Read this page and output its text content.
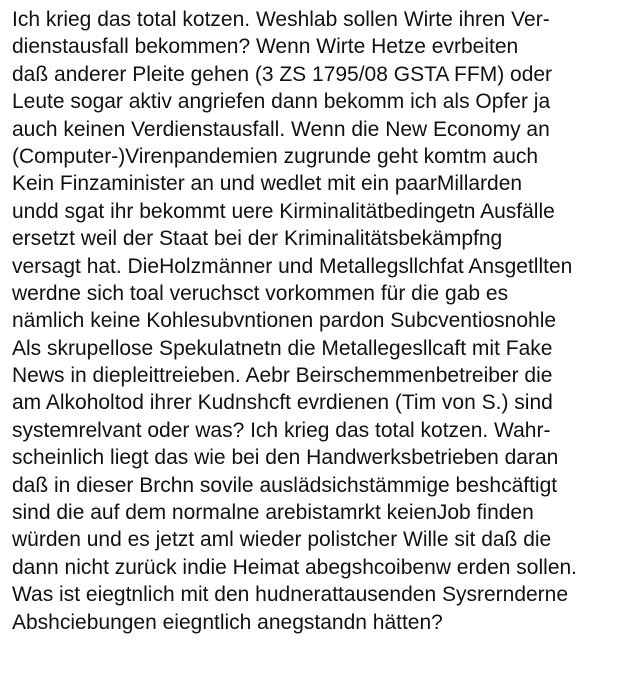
Ich krieg das total kotzen. Weshlab sollen Wirte ihren Ver-
dienstausfall bekommen? Wenn Wirte Hetze evrbeiten
daß anderer Pleite gehen (3 ZS 1795/08 GSTA FFM) oder
Leute sogar aktiv angriefen dann bekomm ich als Opfer ja
auch keinen Verdienstausfall. Wenn die New Economy an
(Computer-)Virenpandemien zugrunde geht komtm auch
Kein Finzaminister an und wedlet mit ein paarMillarden
undd sgat ihr bekommt uere Kirminalitätbedingetn Ausfälle
ersetzt weil der Staat bei der Kriminalitätsbekämpfng
versagt hat. DieHolzmänner und Metallegsllchfat Ansgetllten
werdne sich toal veruchsct vorkommen für die gab es
nämlich keine Kohlesubvntionen pardon Subcventiosnohle
Als skrupellose Spekulatnetn die Metallegesllcaft mit Fake
News in diepleittreieben. Aebr Beirschemmenbetreiber die
am Alkoholtod ihrer Kudnshcft evrdienen (Tim von S.) sind
systemrelvant oder was? Ich krieg das total kotzen. Wahr-
scheinlich liegt das wie bei den Handwerksbetrieben daran
daß in dieser Brchn sovile auslädsichstämmige beshcäftigt
sind die auf dem normalne arebistamrkt keienJob finden
würden und es jetzt aml wieder polistcher Wille sit daß die
dann nicht zurück indie Heimat abegshcoibenw erden sollen.
Was ist eiegtnlich mit den hudnerattausenden Sysrernderne
Abshciebungen eiegntlich anegstandn hätten?
